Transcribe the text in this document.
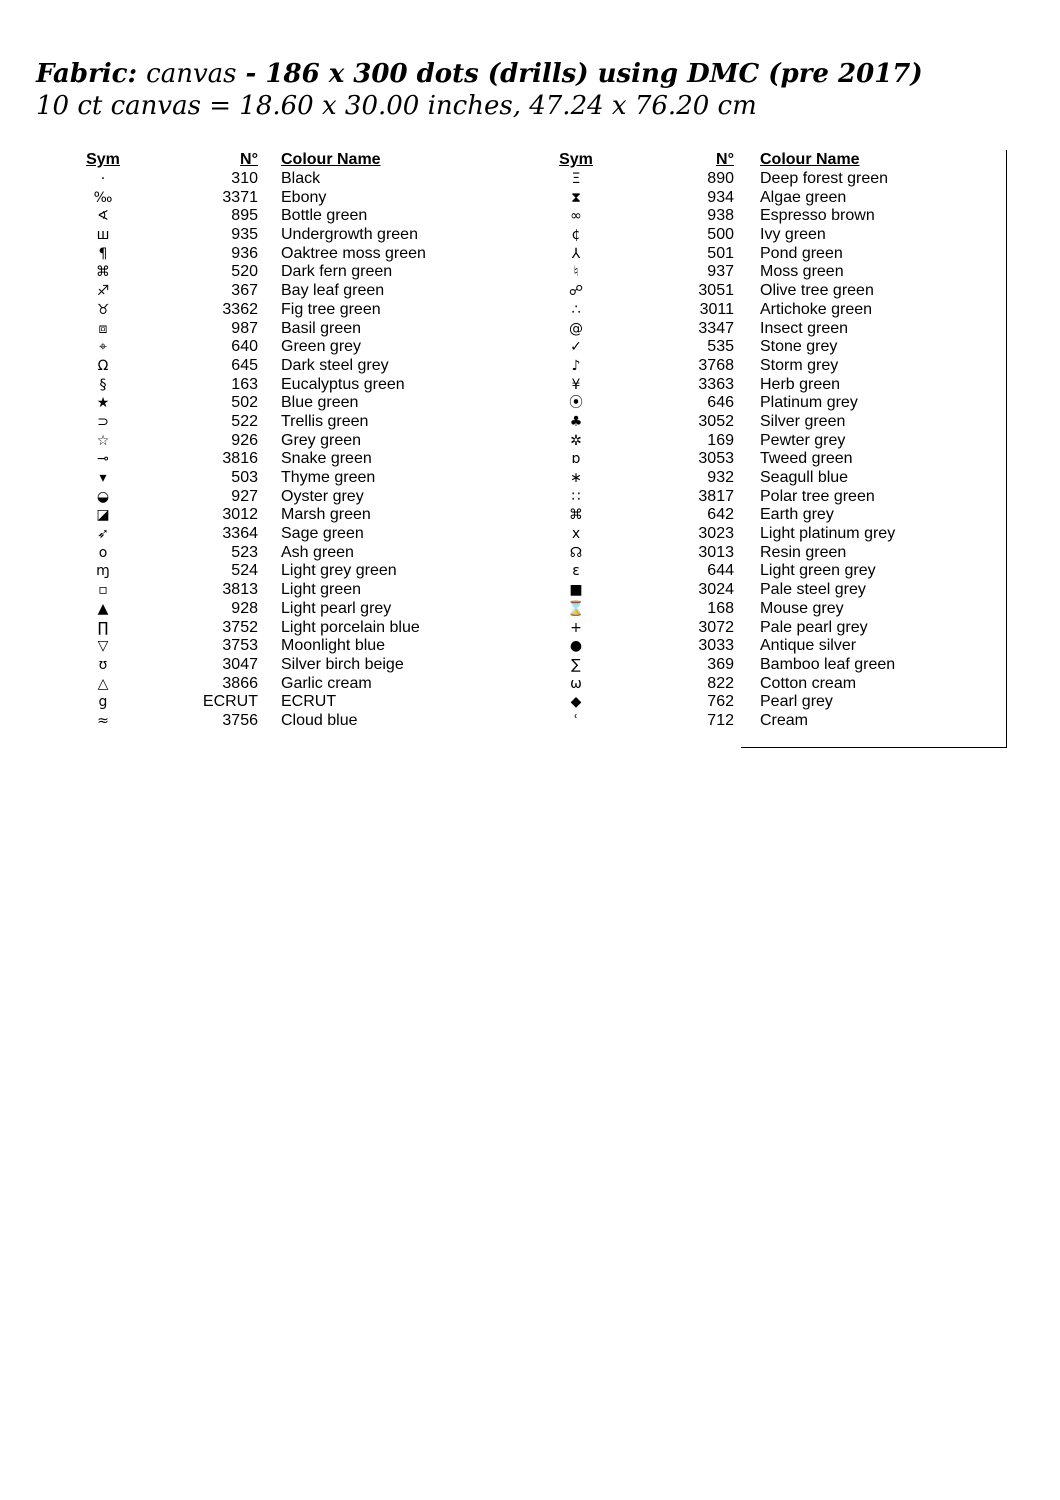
Fabric: canvas - 186 x 300 dots (drills) using DMC (pre 2017)
10 ct canvas = 18.60 x 30.00 inches, 47.24 x 76.20 cm
Sym	N° Colour Name
·	310 Black
‰	3371 Ebony
∢	895 Bottle green
ш	935 Undergrowth green
¶	936 Oaktree moss green
⌘	520 Dark fern green
♐	367 Bay leaf green
♉	3362 Fig tree green
⧈	987 Basil green
⌖	640 Green grey
Ω	645 Dark steel grey
§	163 Eucalyptus green
★	502 Blue green
⊃	522 Trellis green
☆	926 Grey green
⊸	3816 Snake green
▾	503 Thyme green
◒	927 Oyster grey
◪	3012 Marsh green
➶	3364 Sage green
o	523 Ash green
ɱ	524 Light grey green
▫	3813 Light green
▲	928 Light pearl grey
∏	3752 Light porcelain blue
▽	3753 Moonlight blue
ʊ	3047 Silver birch beige
△	3866 Garlic cream
g	ECRUT ECRUT
≈	3756 Cloud blue
Sym	N° Colour Name
Ξ	890 Deep forest green
⧗	934 Algae green
∞	938 Espresso brown
¢	500 Ivy green
⅄	501 Pond green
♮	937 Moss green
☍	3051 Olive tree green
∴	3011 Artichoke green
@	3347 Insect green
✓	535 Stone grey
♪	3768 Storm grey
¥	3363 Herb green
⦿	646 Platinum grey
♣	3052 Silver green
✲	169 Pewter grey
ɒ	3053 Tweed green
∗	932 Seagull blue
∷	3817 Polar tree green
⌘	642 Earth grey
x	3023 Light platinum grey
☊	3013 Resin green
ɛ	644 Light green grey
■	3024 Pale steel grey
⌛	168 Mouse grey
+	3072 Pale pearl grey
●	3033 Antique silver
∑	369 Bamboo leaf green
ω	822 Cotton cream
◆	762 Pearl grey
ʿ	712 Cream
